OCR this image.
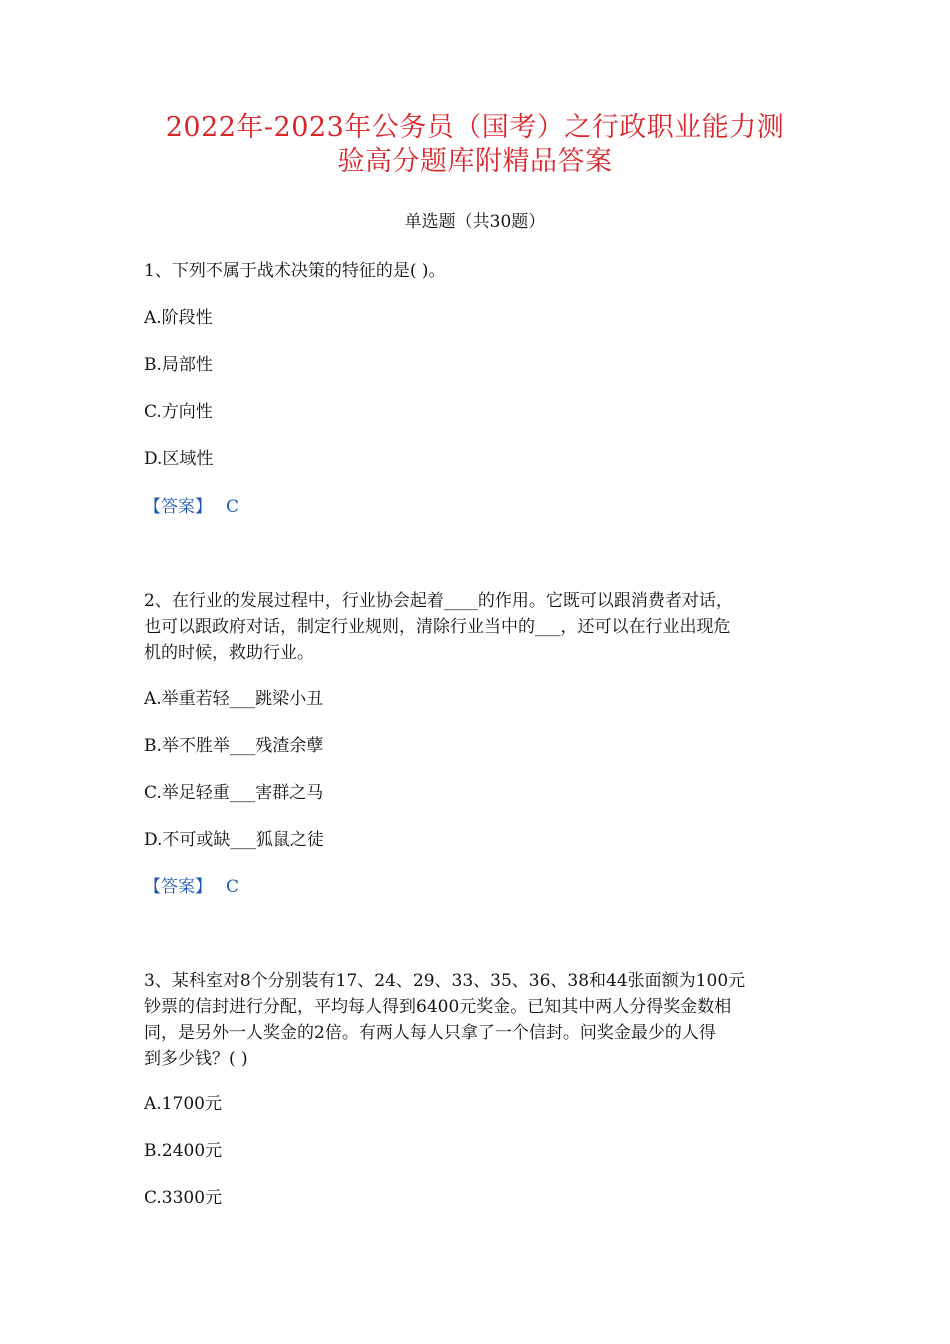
2022年-2023年公务员（国考）之行政职业能力测
验高分题库附精品答案
单选题（共30题）
1、下列不属于战术决策的特征的是( )。
A.阶段性
B.局部性
C.方向性
D.区域性
【答案】 C
2、在行业的发展过程中，行业协会起着____的作用。它既可以跟消费者对话，
也可以跟政府对话，制定行业规则，清除行业当中的___，还可以在行业出现危
机的时候，救助行业。
A.举重若轻___跳梁小丑
B.举不胜举___残渣余孽
C.举足轻重___害群之马
D.不可或缺___狐鼠之徒
【答案】 C
3、某科室对8个分别装有17、24、29、33、35、36、38和44张面额为100元
钞票的信封进行分配，平均每人得到6400元奖金。已知其中两人分得奖金数相
同，是另外一人奖金的2倍。有两人每人只拿了一个信封。问奖金最少的人得
到多少钱？( )
A.1700元
B.2400元
C.3300元
